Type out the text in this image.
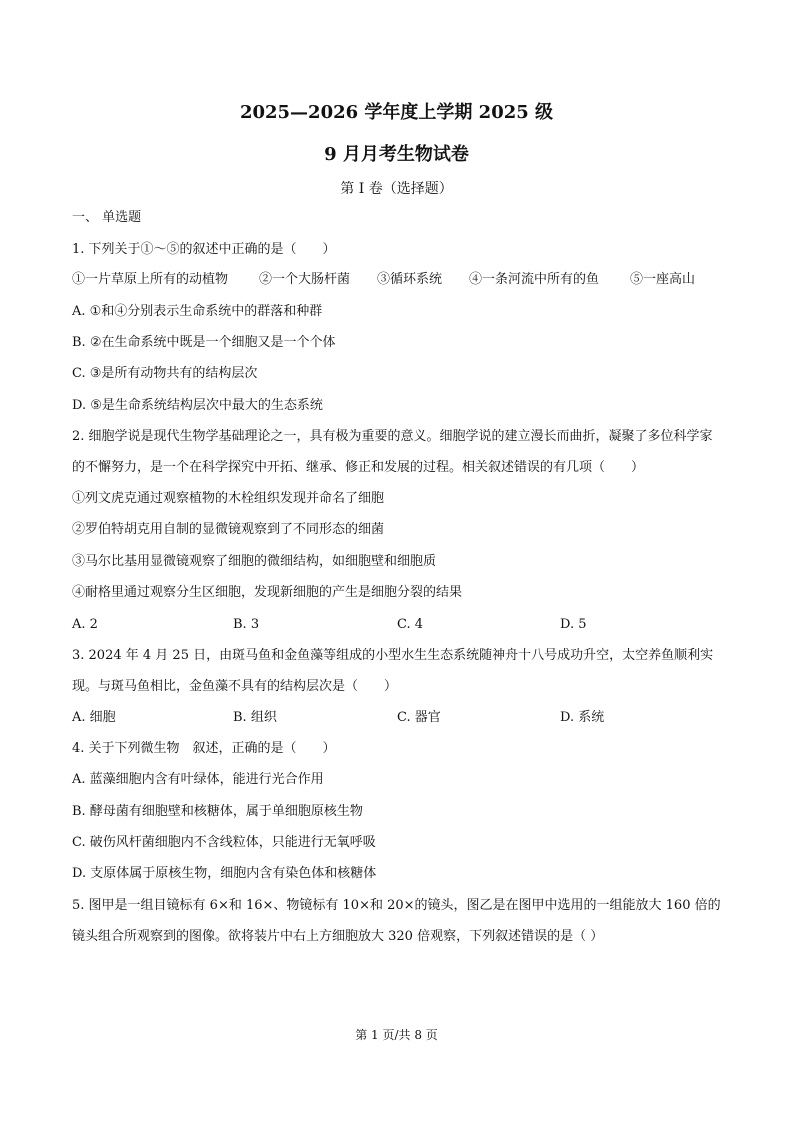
2025—2026 学年度上学期 2025 级
9 月月考生物试卷
第 I 卷（选择题）
一、 单选题
1. 下列关于①～⑤的叙述中正确的是（　　）
①一片草原上所有的动植物 ②一个大肠杆菌 ③循环系统 ④一条河流中所有的鱼 ⑤一座高山
A. ①和④分别表示生命系统中的群落和种群
B. ②在生命系统中既是一个细胞又是一个个体
C. ③是所有动物共有的结构层次
D. ⑤是生命系统结构层次中最大的生态系统
2. 细胞学说是现代生物学基础理论之一，具有极为重要的意义。细胞学说的建立漫长而曲折，凝聚了多位科学家的不懈努力，是一个在科学探究中开拓、继承、修正和发展的过程。相关叙述错误的有几项（　　）
①列文虎克通过观察植物的木栓组织发现并命名了细胞
②罗伯特胡克用自制的显微镜观察到了不同形态的细菌
③马尔比基用显微镜观察了细胞的微细结构，如细胞壁和细胞质
④耐格里通过观察分生区细胞，发现新细胞的产生是细胞分裂的结果
A. 2	B. 3	C. 4	D. 5
3. 2024 年 4 月 25 日，由斑马鱼和金鱼藻等组成的小型水生生态系统随神舟十八号成功升空，太空养鱼顺利实现。与斑马鱼相比，金鱼藻不具有的结构层次是（　　）
A. 细胞	B. 组织	C. 器官	D. 系统
4. 关于下列微生物　叙述，正确的是（　　）
A. 蓝藻细胞内含有叶绿体，能进行光合作用
B. 酵母菌有细胞壁和核糖体，属于单细胞原核生物
C. 破伤风杆菌细胞内不含线粒体，只能进行无氧呼吸
D. 支原体属于原核生物，细胞内含有染色体和核糖体
5. 图甲是一组目镜标有 6×和 16×、物镜标有 10×和 20×的镜头，图乙是在图甲中选用的一组能放大 160 倍的镜头组合所观察到的图像。欲将装片中右上方细胞放大 320 倍观察，下列叙述错误的是（ ）
第 1 页/共 8 页
